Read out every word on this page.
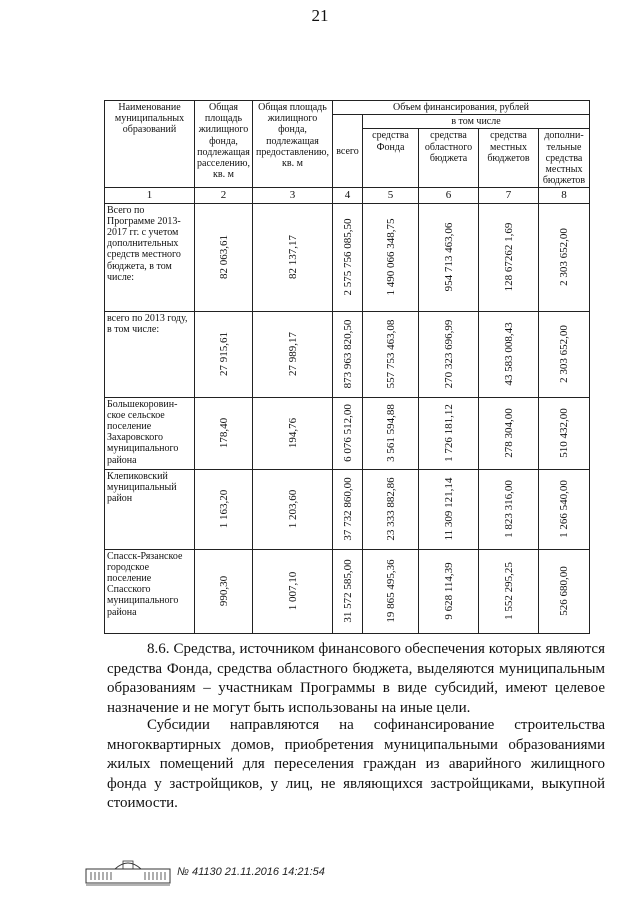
21
Наименование муниципальных образований	Общая площадь жилищного фонда, подлежащая расселению, кв. м	Общая площадь жилищного фонда, подлежащая предоставлению, кв. м	Объем финансирования, рублей				
			всего	в том числе			
				средства Фонда	средства областного бюджета	средства местных бюджетов	дополни-тельные средства местных бюджетов
1	2	3	4	5	6	7	8
Всего по Программе 2013-2017 гг. с учетом дополнительных средств местного бюджета, в том числе:	82 063,61	82 137,17	2 575 756 085,50	1 490 066 348,75	954 713 463,06	128 67262 1,69	2 303 652,00

всего по 2013 году, в том числе:	27 915,61	27 989,17	873 963 820,50	557 753 463,08	270 323 696,99	43 583 008,43	2 303 652,00

Большекоровин-ское сельское поселение Захаровского муниципального района	178,40	194,76	6 076 512,00	3 561 594,88	1 726 181,12	278 304,00	510 432,00

Клепиковский муниципальный район	1 163,20	1 203,60	37 732 860,00	23 333 882,86	11 309 121,14	1 823 316,00	1 266 540,00

Спасск-Рязанское городское поселение Спасского муниципального района	990,30	1 007,10	31 572 585,00	19 865 495,36	9 628 114,39	1 552 295,25	526 680,00

8.6. Средства, источником финансового обеспечения которых являются средства Фонда, средства областного бюджета, выделяются муниципальным образованиям – участникам Программы в виде субсидий, имеют целевое назначение и не могут быть использованы на иные цели.

Субсидии направляются на софинансирование строительства многоквартирных домов, приобретения муниципальными образованиями жилых помещений для переселения граждан из аварийного жилищного фонда у застройщиков, у лиц, не являющихся застройщиками, выкупной стоимости.

№ 41130 21.11.2016 14:21:54
